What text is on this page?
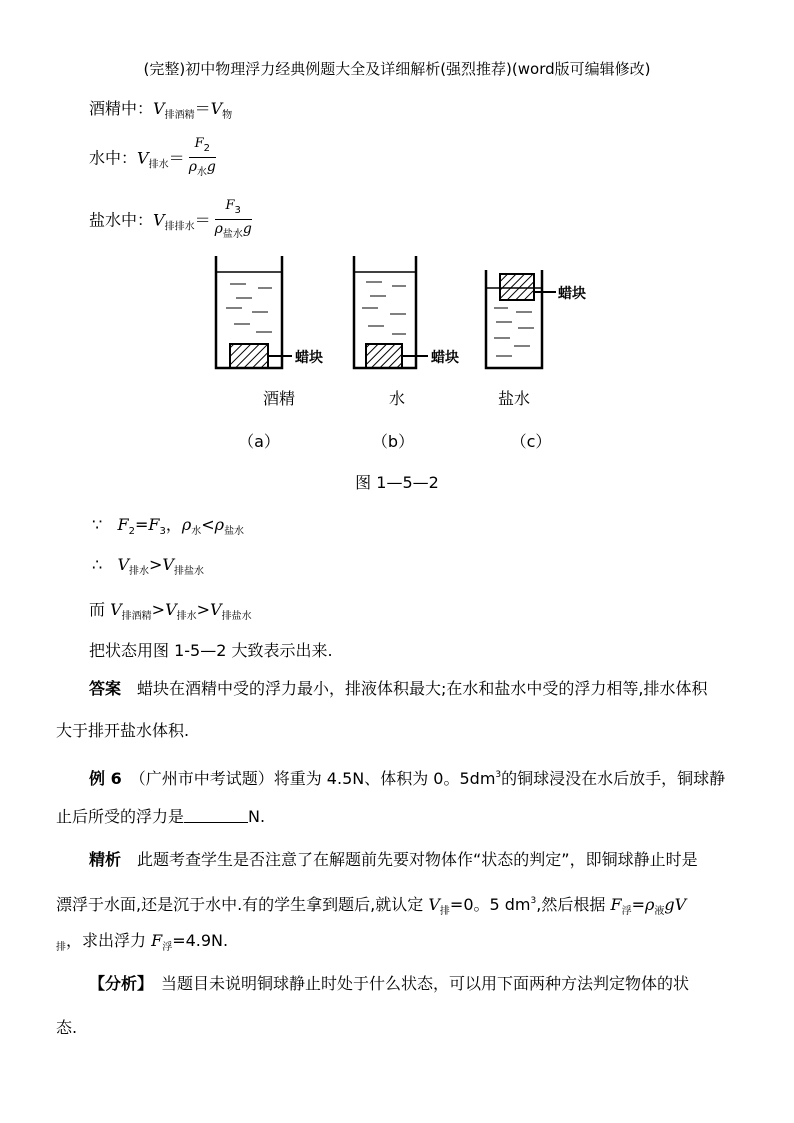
(完整)初中物理浮力经典例题大全及详细解析(强烈推荐)(word版可编辑修改)
酒精中：$V_{排酒精}=V_物$
水中：$V_{排水}= \frac{F_2}{\rho_水g}$
盐水中：$V_{排排水}= \frac{F_3}{\rho_{盐水}g}$
蜡块	蜡块
蜡块
酒精	水	盐水
（a）	（b）	（c）
图 1—5—2
∵ $F_2=F_3$，$\rho_水<\rho_{盐水}$
∴ $V_{排水}>V_{排盐水}$
而 $V_{排酒精}>V_{排水}>V_{排盐水}$
把状态用图 1-5—2 大致表示出来.
答案　蜡块在酒精中受的浮力最小，排液体积最大;在水和盐水中受的浮力相等,排水体积
大于排开盐水体积.
例 6　（广州市中考试题）将重为 4.5N、体积为 0。$5dm^3$的铜球浸没在水后放手，铜球静
止后所受的浮力是	N.
精析　此题考查学生是否注意了在解题前先要对物体作“状态的判定”，即铜球静止时是
漂浮于水面,还是沉于水中.有的学生拿到题后,就认定 $V_排=0$。5 $dm^3$,然后根据 $F_浮=\rho_液gV$
$_排$，求出浮力 $F_浮=4.9N$.
【分析】　当题目未说明铜球静止时处于什么状态，可以用下面两种方法判定物体的状
态.
